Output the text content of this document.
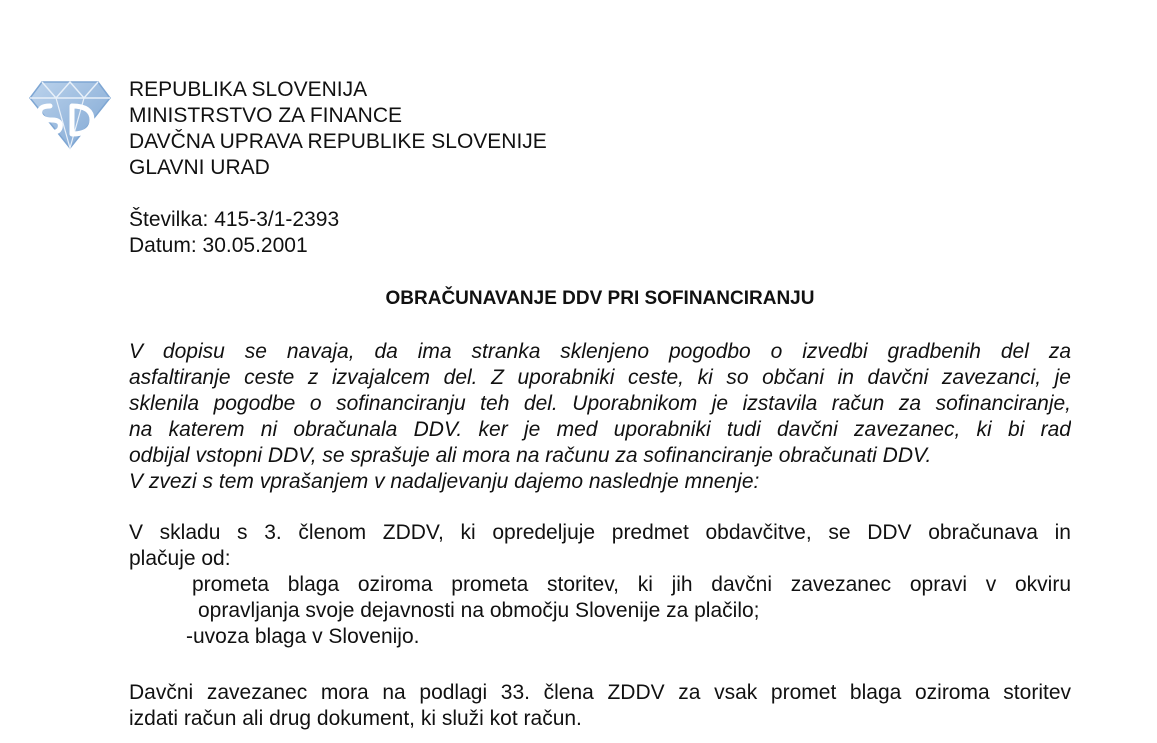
REPUBLIKA SLOVENIJA
MINISTRSTVO ZA FINANCE
DAVČNA UPRAVA REPUBLIKE SLOVENIJE
GLAVNI URAD
Številka: 415-3/1-2393
Datum: 30.05.2001
OBRAČUNAVANJE DDV PRI SOFINANCIRANJU
V dopisu se navaja, da ima stranka sklenjeno pogodbo o izvedbi gradbenih del za
asfaltiranje ceste z izvajalcem del. Z uporabniki ceste, ki so občani in davčni zavezanci, je
sklenila pogodbe o sofinanciranju teh del. Uporabnikom je izstavila račun za sofinanciranje,
na katerem ni obračunala DDV. ker je med uporabniki tudi davčni zavezanec, ki bi rad
odbijal vstopni DDV, se sprašuje ali mora na računu za sofinanciranje obračunati DDV.
V zvezi s tem vprašanjem v nadaljevanju dajemo naslednje mnenje:
V skladu s 3. členom ZDDV, ki opredeljuje predmet obdavčitve, se DDV obračunava in
plačuje od:
prometa blaga oziroma prometa storitev, ki jih davčni zavezanec opravi v okviru
opravljanja svoje dejavnosti na območju Slovenije za plačilo;
-uvoza blaga v Slovenijo.
Davčni zavezanec mora na podlagi 33. člena ZDDV za vsak promet blaga oziroma storitev
izdati račun ali drug dokument, ki služi kot račun.
